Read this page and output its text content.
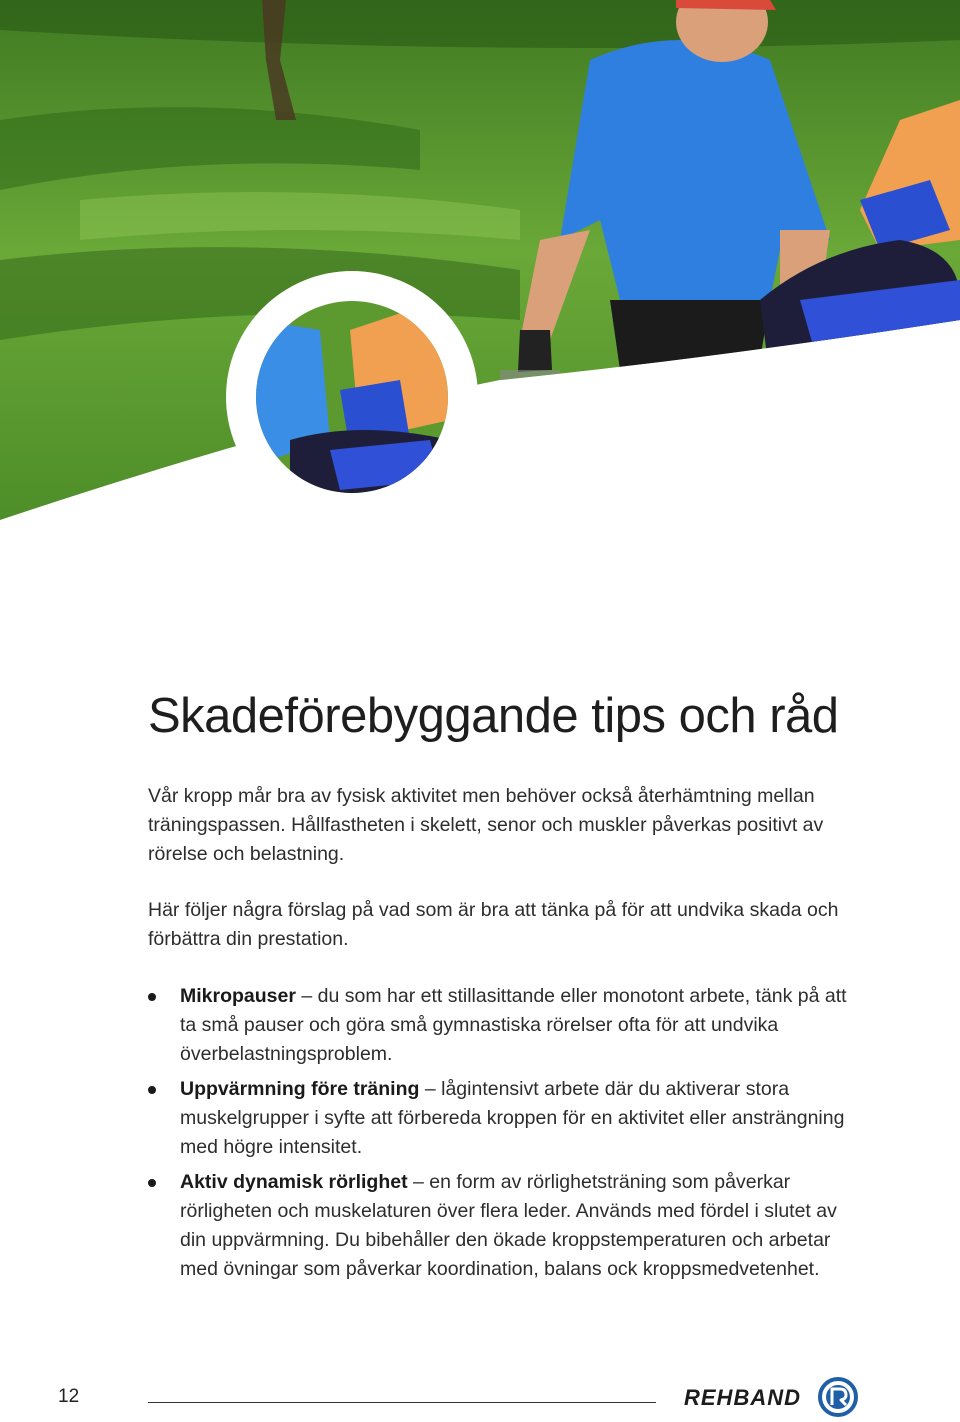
Skadeförebyggande tips och råd

Vår kropp mår bra av fysisk aktivitet men behöver också återhämtning mellan träningspassen. Hållfastheten i skelett, senor och muskler påverkas positivt av rörelse och belastning.

Här följer några förslag på vad som är bra att tänka på för att undvika skada och förbättra din prestation.

Mikropauser – du som har ett stillasittande eller monotont arbete, tänk på att ta små pauser och göra små gymnastiska rörelser ofta för att undvika överbelastningsproblem.
Uppvärmning före träning – lågintensivt arbete där du aktiverar stora muskelgrupper i syfte att förbereda kroppen för en aktivitet eller ansträngning med högre intensitet.
Aktiv dynamisk rörlighet – en form av rörlighetsträning som påverkar rörligheten och muskelaturen över flera leder. Används med fördel i slutet av din uppvärmning. Du bibehåller den ökade kroppstemperaturen och arbetar med övningar som påverkar koordination, balans ock kroppsmedvetenhet.
12	REHBAND
